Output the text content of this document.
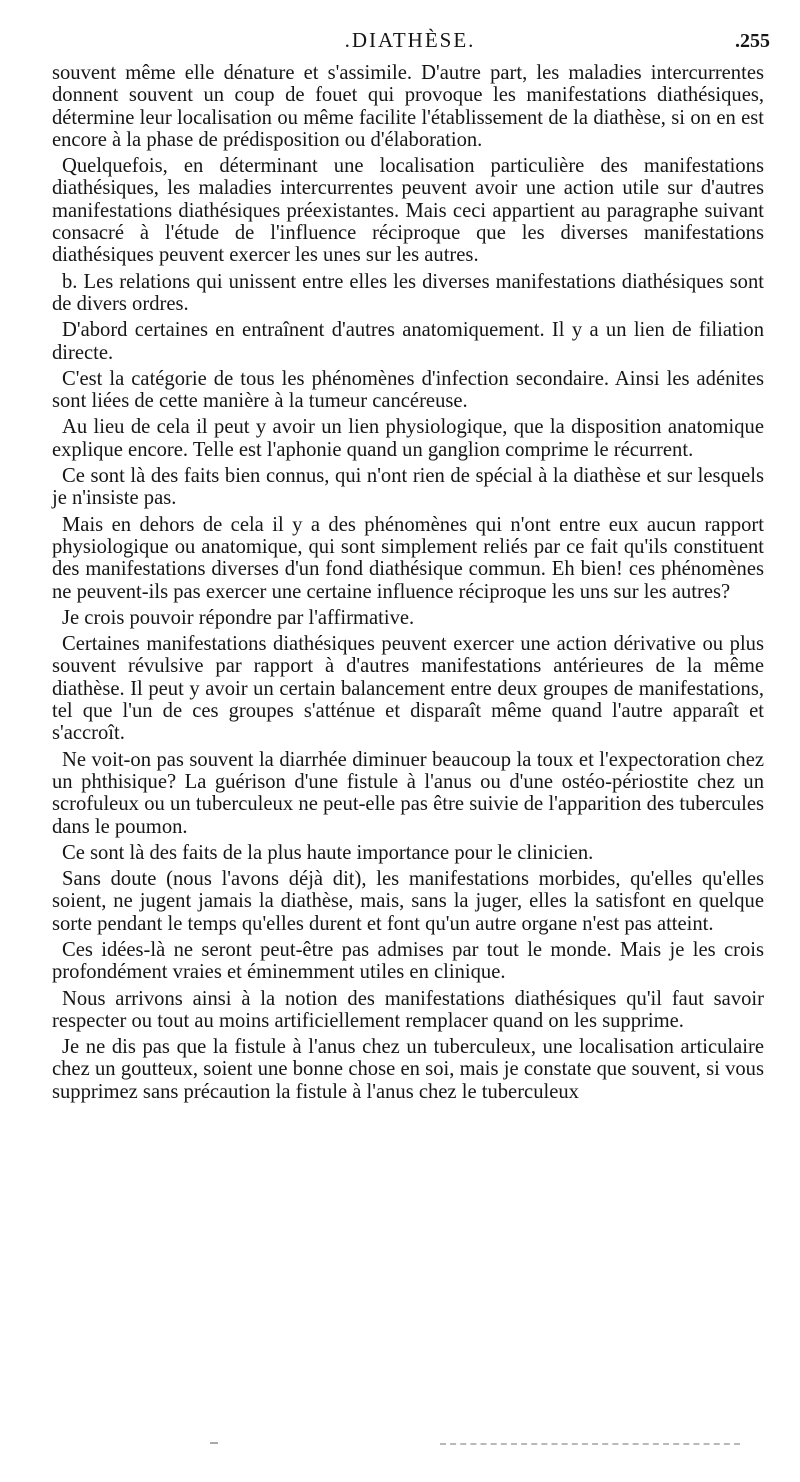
.DIATHÈSE.	.255

souvent même elle dénature et s'assimile. D'autre part, les maladies intercurrentes donnent souvent un coup de fouet qui provoque les manifestations diathésiques, détermine leur localisation ou même facilite l'établissement de la diathèse, si on en est encore à la phase de prédisposition ou d'élaboration.

Quelquefois, en déterminant une localisation particulière des manifestations diathésiques, les maladies intercurrentes peuvent avoir une action utile sur d'autres manifestations diathésiques préexistantes. Mais ceci appartient au paragraphe suivant consacré à l'étude de l'influence réciproque que les diverses manifestations diathésiques peuvent exercer les unes sur les autres.

b. Les relations qui unissent entre elles les diverses manifestations diathésiques sont de divers ordres.

D'abord certaines en entraînent d'autres anatomiquement. Il y a un lien de filiation directe.

C'est la catégorie de tous les phénomènes d'infection secondaire. Ainsi les adénites sont liées de cette manière à la tumeur cancéreuse.

Au lieu de cela il peut y avoir un lien physiologique, que la disposition anatomique explique encore. Telle est l'aphonie quand un ganglion comprime le récurrent.

Ce sont là des faits bien connus, qui n'ont rien de spécial à la diathèse et sur lesquels je n'insiste pas.

Mais en dehors de cela il y a des phénomènes qui n'ont entre eux aucun rapport physiologique ou anatomique, qui sont simplement reliés par ce fait qu'ils constituent des manifestations diverses d'un fond diathésique commun. Eh bien! ces phénomènes ne peuvent-ils pas exercer une certaine influence réciproque les uns sur les autres?

Je crois pouvoir répondre par l'affirmative.

Certaines manifestations diathésiques peuvent exercer une action dérivative ou plus souvent révulsive par rapport à d'autres manifestations antérieures de la même diathèse. Il peut y avoir un certain balancement entre deux groupes de manifestations, tel que l'un de ces groupes s'atténue et disparaît même quand l'autre apparaît et s'accroît.

Ne voit-on pas souvent la diarrhée diminuer beaucoup la toux et l'expectoration chez un phthisique? La guérison d'une fistule à l'anus ou d'une ostéo-périostite chez un scrofuleux ou un tuberculeux ne peut-elle pas être suivie de l'apparition des tubercules dans le poumon.

Ce sont là des faits de la plus haute importance pour le clinicien.

Sans doute (nous l'avons déjà dit), les manifestations morbides, qu'elles qu'elles soient, ne jugent jamais la diathèse, mais, sans la juger, elles la satisfont en quelque sorte pendant le temps qu'elles durent et font qu'un autre organe n'est pas atteint.

Ces idées-là ne seront peut-être pas admises par tout le monde. Mais je les crois profondément vraies et éminemment utiles en clinique.

Nous arrivons ainsi à la notion des manifestations diathésiques qu'il faut savoir respecter ou tout au moins artificiellement remplacer quand on les supprime.

Je ne dis pas que la fistule à l'anus chez un tuberculeux, une localisation articulaire chez un goutteux, soient une bonne chose en soi, mais je constate que souvent, si vous supprimez sans précaution la fistule à l'anus chez le tuberculeux
